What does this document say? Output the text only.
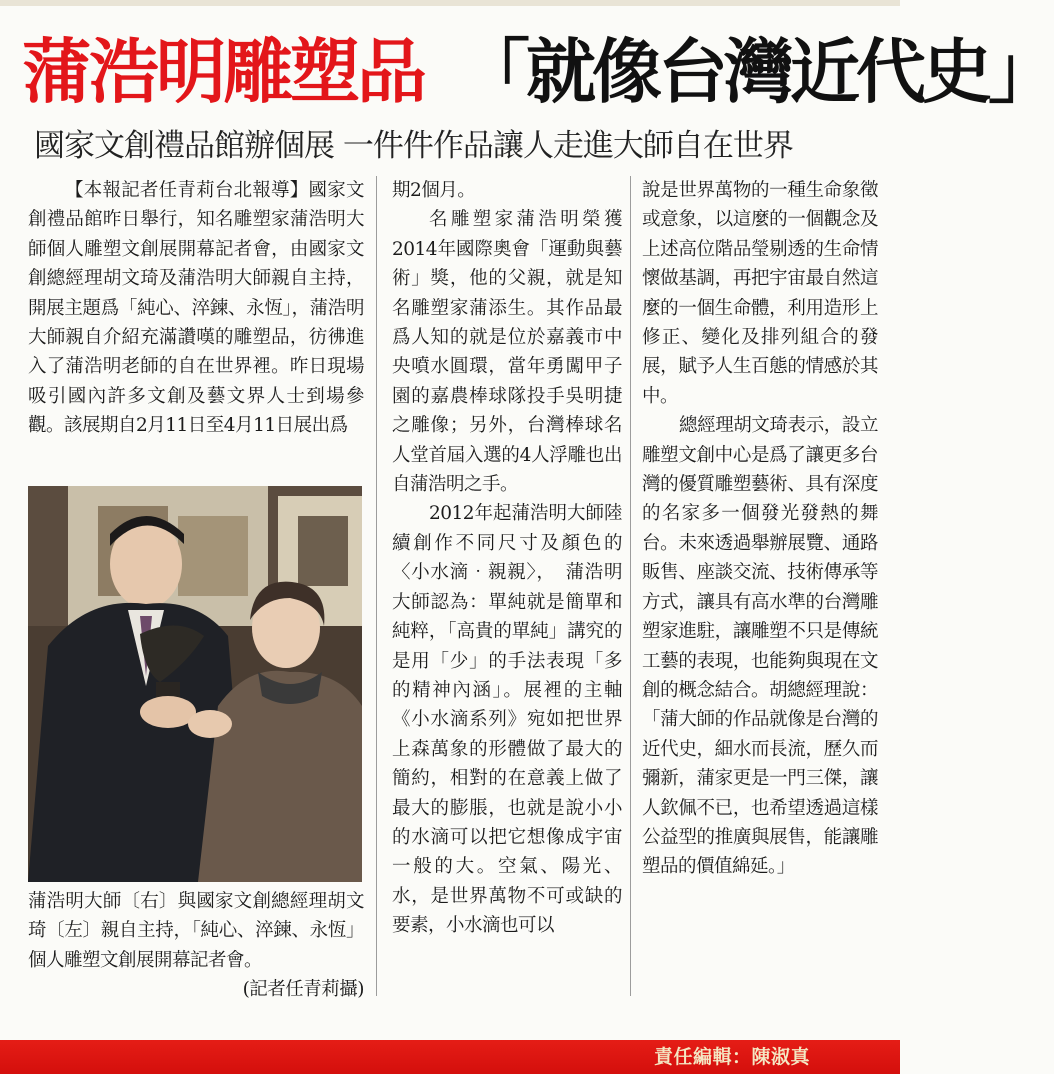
蒲浩明雕塑品 「就像台灣近代史」
國家文創禮品館辦個展 一件件作品讓人走進大師自在世界

【本報記者任青莉台北報導】國家文創禮品館昨日舉行，知名雕塑家蒲浩明大師個人雕塑文創展開幕記者會，由國家文創總經理胡文琦及蒲浩明大師親自主持，開展主題爲「純心、淬鍊、永恆」，蒲浩明大師親自介紹充滿讚嘆的雕塑品，彷彿進入了蒲浩明老師的自在世界裡。昨日現場吸引國內許多文創及藝文界人士到場參觀。該展期自2月11日至4月11日展出爲

蒲浩明大師〔右〕與國家文創總經理胡文琦〔左〕親自主持，「純心、淬鍊、永恆」個人雕塑文創展開幕記者會。
(記者任青莉攝)

期2個月。

名雕塑家蒲浩明榮獲2014年國際奧會「運動與藝術」獎，他的父親，就是知名雕塑家蒲添生。其作品最爲人知的就是位於嘉義市中央噴水圓環，當年勇闖甲子園的嘉農棒球隊投手吳明捷之雕像；另外，台灣棒球名人堂首屆入選的4人浮雕也出自蒲浩明之手。

2012年起蒲浩明大師陸續創作不同尺寸及顏色的〈小水滴‧親親〉，　蒲浩明大師認為：單純就是簡單和純粹，「高貴的單純」講究的是用「少」的手法表現「多的精神內涵」。展裡的主軸《小水滴系列》宛如把世界上森萬象的形體做了最大的簡約，相對的在意義上做了最大的膨脹，也就是說小小的水滴可以把它想像成宇宙一般的大。空氣、陽光、水，是世界萬物不可或缺的要素，小水滴也可以

說是世界萬物的一種生命象徵或意象，以這麼的一個觀念及上述高位階品瑩剔透的生命情懷做基調，再把宇宙最自然這麼的一個生命體，利用造形上修正、變化及排列組合的發展，賦予人生百態的情感於其中。

總經理胡文琦表示，設立雕塑文創中心是爲了讓更多台灣的優質雕塑藝術、具有深度的名家多一個發光發熱的舞台。未來透過舉辦展覽、通路販售、座談交流、技術傳承等方式，讓具有高水準的台灣雕塑家進駐，讓雕塑不只是傳統工藝的表現，也能夠與現在文創的概念結合。胡總經理說：「蒲大師的作品就像是台灣的近代史，細水而長流，歷久而彌新，蒲家更是一門三傑，讓人欽佩不已，也希望透過這樣公益型的推廣與展售，能讓雕塑品的價值綿延。」

責任編輯：陳淑真
